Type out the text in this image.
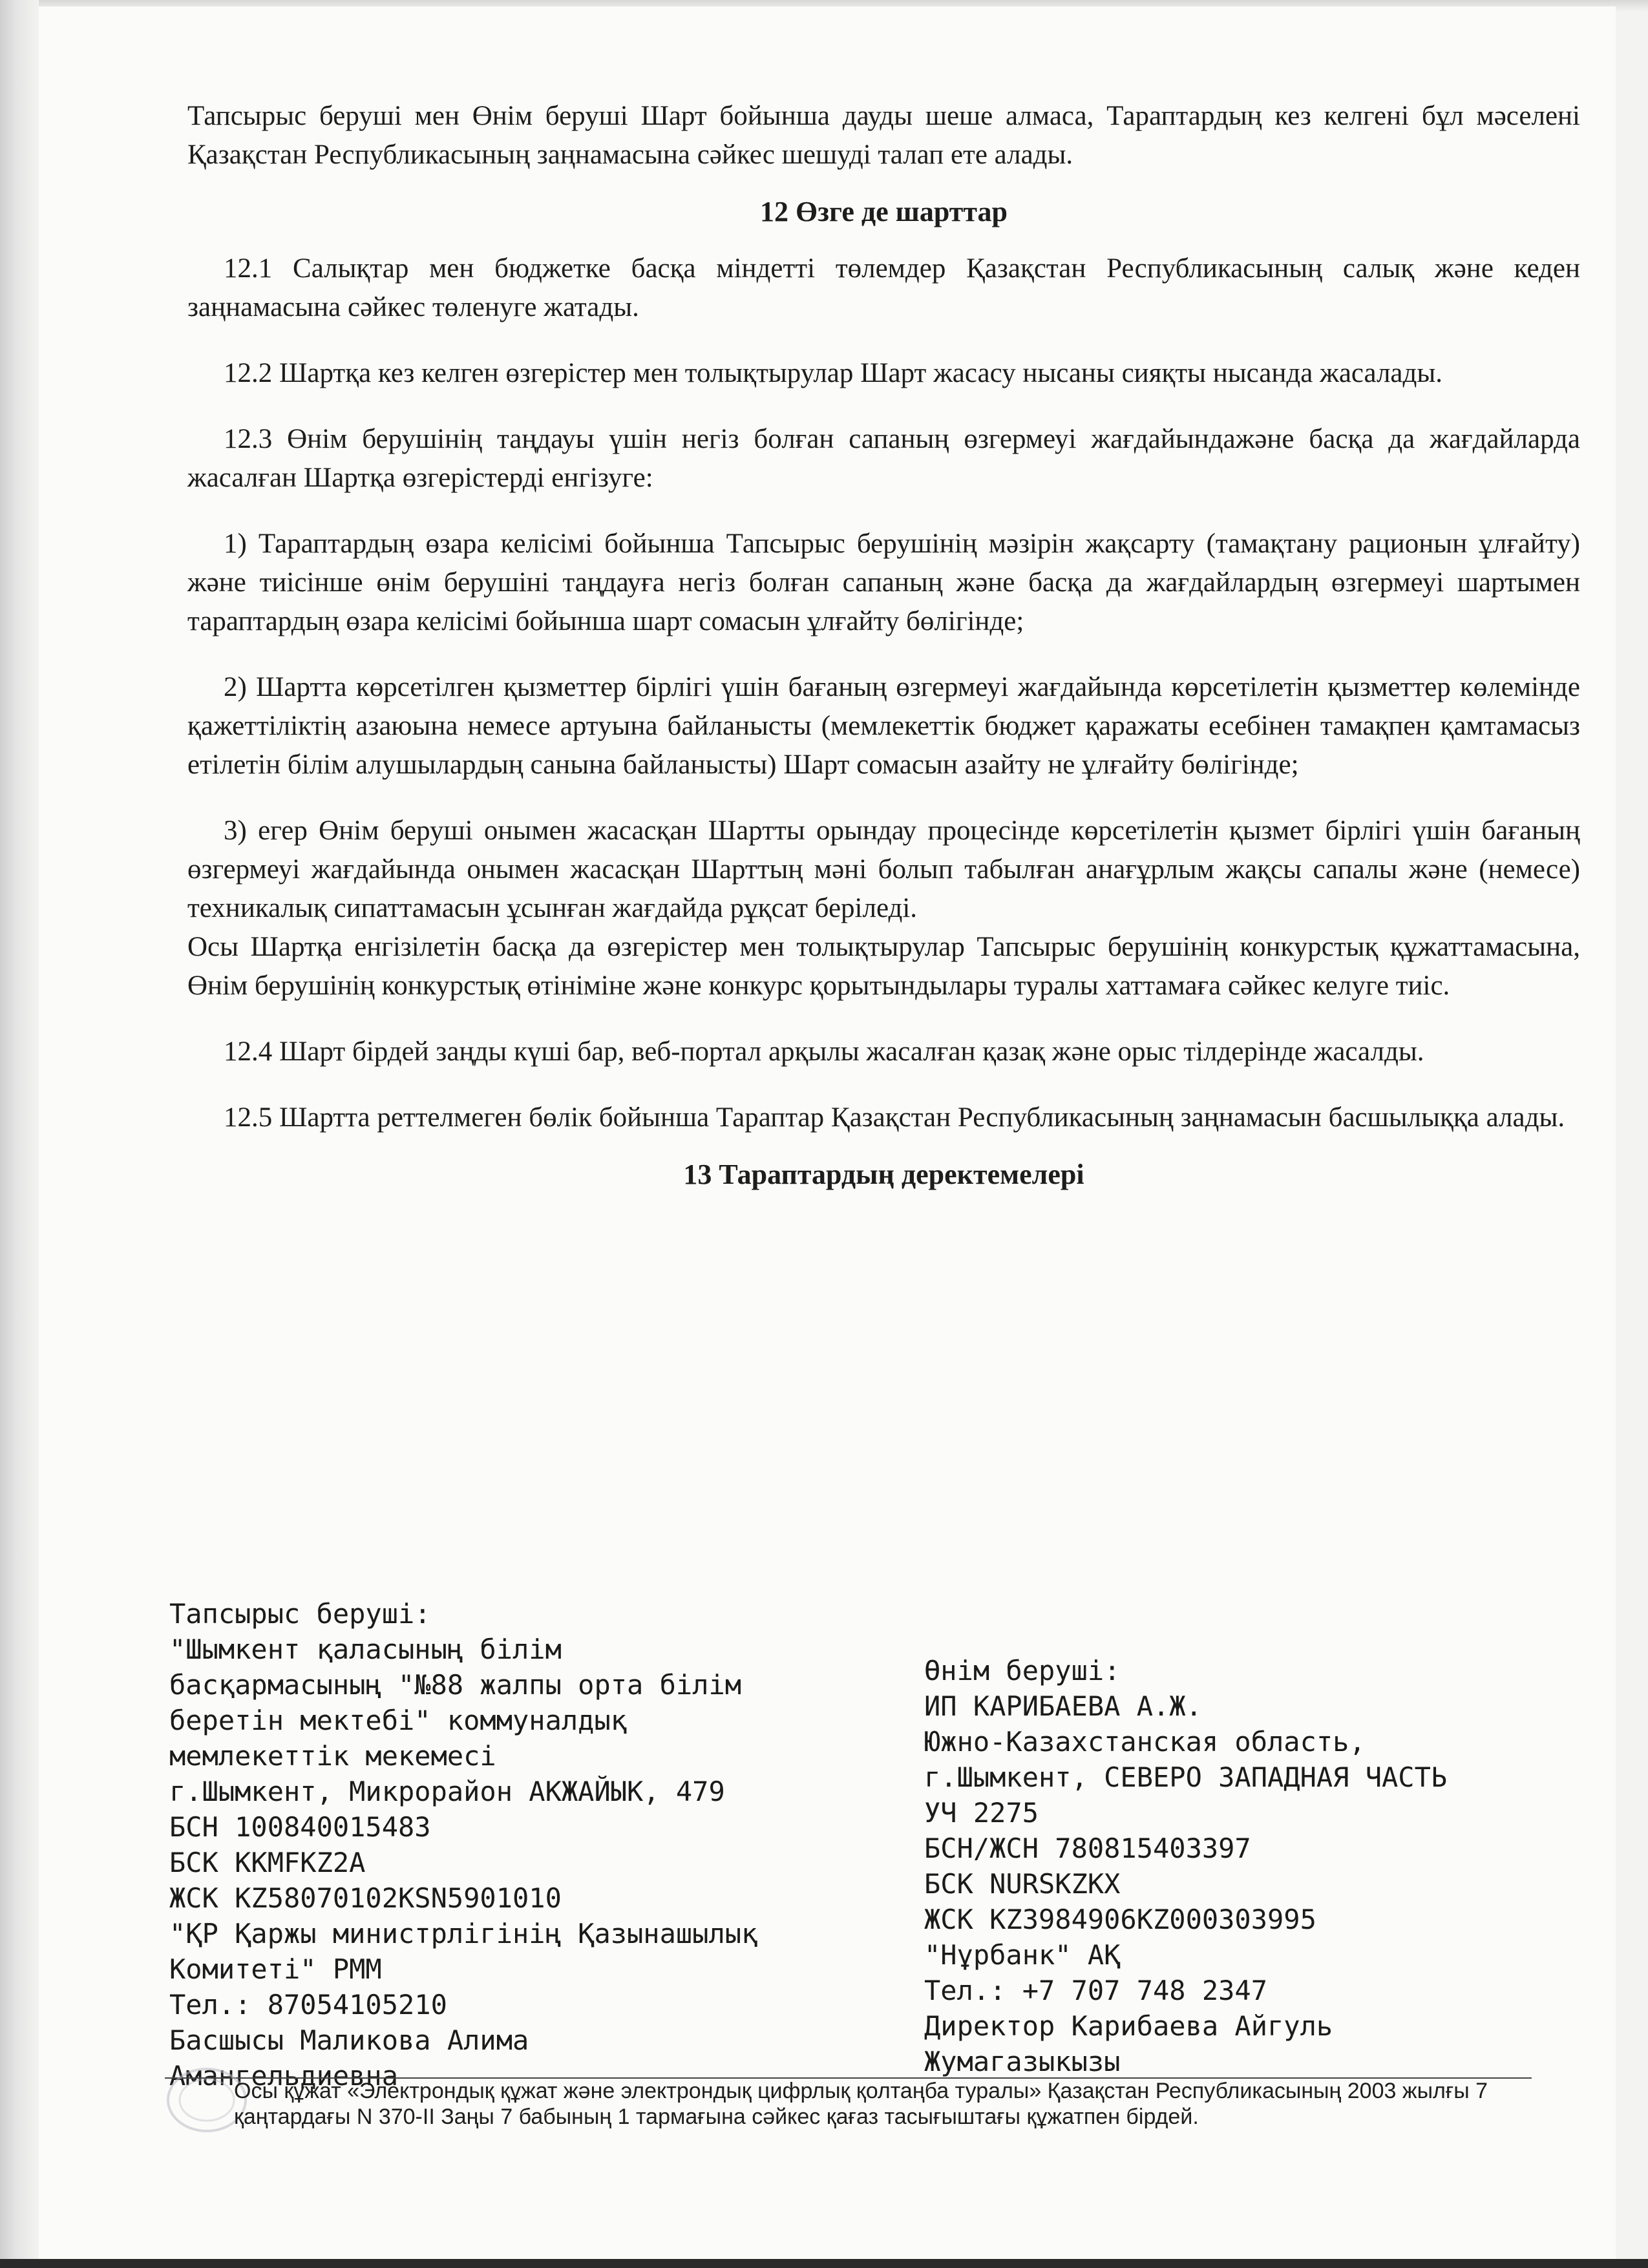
Тапсырыс беруші мен Өнім беруші Шарт бойынша дауды шеше алмаса, Тараптардың кез келгені бұл мәселені Қазақстан Республикасының заңнамасына сәйкес шешуді талап ете алады.

12 Өзге де шарттар

12.1 Салықтар мен бюджетке басқа міндетті төлемдер Қазақстан Республикасының салық және кеден заңнамасына сәйкес төленуге жатады.

12.2 Шартқа кез келген өзгерістер мен толықтырулар Шарт жасасу нысаны сияқты нысанда жасалады.

12.3 Өнім берушінің таңдауы үшін негіз болған сапаның өзгермеуі жағдайындажәне басқа да жағдайларда жасалған Шартқа өзгерістерді енгізуге:

1) Тараптардың өзара келісімі бойынша Тапсырыс берушінің мәзірін жақсарту (тамақтану рационын ұлғайту) және тиісінше өнім берушіні таңдауға негіз болған сапаның және басқа да жағдайлардың өзгермеуі шартымен тараптардың өзара келісімі бойынша шарт сомасын ұлғайту бөлігінде;

2) Шартта көрсетілген қызметтер бірлігі үшін бағаның өзгермеуі жағдайында көрсетілетін қызметтер көлемінде қажеттіліктің азаюына немесе артуына байланысты (мемлекеттік бюджет қаражаты есебінен тамақпен қамтамасыз етілетін білім алушылардың санына байланысты) Шарт сомасын азайту не ұлғайту бөлігінде;

3) егер Өнім беруші онымен жасасқан Шартты орындау процесінде көрсетілетін қызмет бірлігі үшін бағаның өзгермеуі жағдайында онымен жасасқан Шарттың мәні болып табылған анағұрлым жақсы сапалы және (немесе) техникалық сипаттамасын ұсынған жағдайда рұқсат беріледі.

Осы Шартқа енгізілетін басқа да өзгерістер мен толықтырулар Тапсырыс берушінің конкурстық құжаттамасына, Өнім берушінің конкурстық өтініміне және конкурс қорытындылары туралы хаттамаға сәйкес келуге тиіс.

12.4 Шарт бірдей заңды күші бар, веб-портал арқылы жасалған қазақ және орыс тілдерінде жасалды.

12.5 Шартта реттелмеген бөлік бойынша Тараптар Қазақстан Республикасының заңнамасын басшылыққа алады.

13 Тараптардың деректемелері
Тапсырыс беруші:
"Шымкент қаласының білім
басқармасының "№88 жалпы орта білім
беретін мектебі" коммуналдық
мемлекеттік мекемесі
г.Шымкент, Микрорайон АКЖАЙЫК, 479
БСН 100840015483
БСК KKMFKZ2A
ЖСК KZ58070102KSN5901010
"ҚР Қаржы министрлігінің Қазынашылық
Комитеті" РММ
Тел.: 87054105210
Басшысы Маликова Алима
Амангельдиевна
Өнім беруші:
ИП КАРИБАЕВА А.Ж.
Южно-Казахстанская область,
г.Шымкент, СЕВЕРО ЗАПАДНАЯ ЧАСТЬ
УЧ 2275
БСН/ЖСН 780815403397
БСК NURSKZKX
ЖСК KZ3984906KZ000303995
"Нұрбанк" АҚ
Тел.: +7 707 748 2347
Директор Карибаева Айгуль
Жумагазыкызы
Осы құжат «Электрондық құжат және электрондық цифрлық қолтаңба туралы» Қазақстан Республикасының 2003 жылғы 7 қаңтардағы N 370-II Заңы 7 бабының 1 тармағына сәйкес қағаз тасығыштағы құжатпен бірдей.
